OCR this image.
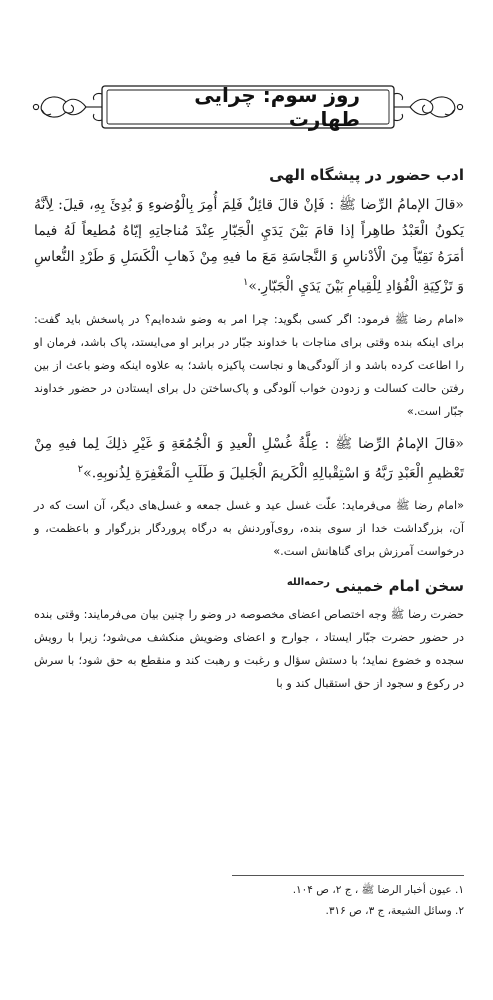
روز سوم: چرایی طهارت
ادب حضور در پیشگاه الهی

«قالَ الإمامُ الرِّضا ﷺ : فَإنْ قالَ قائِلٌ فَلِمَ أُمِرَ بِالْوُضوءِ وَ بُدِئَ بِهِ، قيلَ: لِأنَّهُ يَكونُ الْعَبْدُ طاهِراً إذا قامَ بَيْنَ يَدَيِ الْجَبّارِ عِنْدَ مُناجاتِهِ إيّاهُ مُطيعاً لَهُ فيما أمَرَهُ نَقِيّاً مِنَ الْأدْناسِ وَ النَّجاسَةِ مَعَ ما فيهِ مِنْ ذَهابِ الْكَسَلِ وَ طَرْدِ النُّعاسِ وَ تَزْكِيَةِ الْفُؤادِ لِلْقِيامِ بَيْنَ يَدَيِ الْجَبّارِ.»$^۱$

«امام رضا ﷺ فرمود: اگر کسی بگوید: چرا امر به وضو شده‌ایم؟ در پاسخش باید گفت: برای اینکه بنده وقتی برای مناجات با خداوند جبّار در برابر او می‌ایستد، پاک باشد، فرمان او را اطاعت کرده باشد و از آلودگی‌ها و نجاست پاکیزه باشد؛ به علاوه اینکه وضو باعث از بین رفتن حالت کسالت و زدودن خواب آلودگی و پاک‌ساختن دل برای ایستادن در حضور خداوند جبّار است.»

«قالَ الإمامُ الرِّضا ﷺ : عِلَّةُ غُسْلِ الْعيدِ وَ الْجُمُعَةِ وَ غَيْرِ ذلِكَ لِما فيهِ مِنْ تَعْظيمِ الْعَبْدِ رَبَّهُ وَ اسْتِقْبالِهِ الْكَريمَ الْجَليلَ وَ طَلَبِ الْمَغْفِرَةِ لِذُنوبِهِ.»$^۲$

«امام رضا ﷺ می‌فرماید: علّت غسل عید و غسل جمعه و غسل‌های دیگر، آن است که در آن، بزرگداشت خدا از سوی بنده، روی‌آوردنش به درگاه پروردگار بزرگوار و باعظمت، و درخواست آمرزش برای گناهانش است.»

سخن امام خمینی $^{رحمه‌الله}$

حضرت رضا ﷺ وجه اختصاص اعضای مخصوصه در وضو را چنین بیان می‌فرمایند: وقتی بنده در حضور حضرت جبّار ایستاد ، جوارح و اعضای وضویش منکشف می‌شود؛ زیرا با رویش سجده و خضوع نماید؛ با دستش سؤال و رغبت و رهبت کند و منقطع به حق شود؛ با سرش در رکوع و سجود از حق استقبال کند و با

۱. عیون أخبار الرضا ﷺ ، ج ۲، ص ۱۰۴.
۲. وسائل الشیعة، ج ۳، ص ۳۱۶.
